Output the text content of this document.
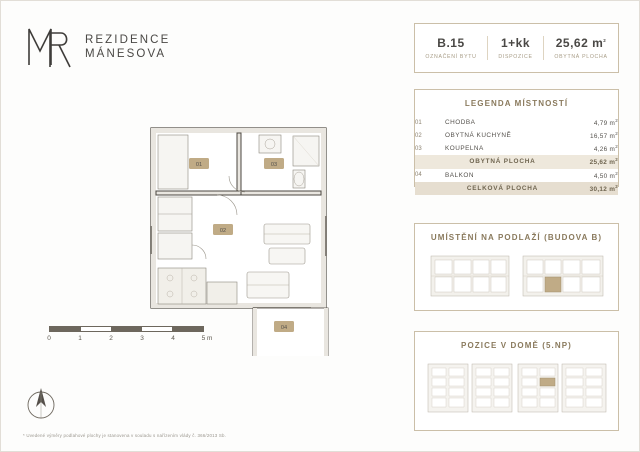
REZIDENCE
MÁNESOVA
B.15
OZNAČENÍ BYTU
1+kk
DISPOZICE
25,62 $m^2$
OBYTNÁ PLOCHA
LEGENDA MÍSTNOSTÍ
01	CHODBA	4,79 $m^2$
02	OBYTNÁ KUCHYNĚ	16,57 $m^2$
03	KOUPELNA	4,26 $m^2$
	OBYTNÁ PLOCHA	25,62 $m^2$
04	BALKON	4,50 $m^2$
	CELKOVÁ PLOCHA	30,12 $m^2$
UMÍSTĚNÍ NA PODLAŽÍ (BUDOVA B)
POZICE V DOMĚ (5.NP)
01
02
03
04
0	1	2	3	4	5 m
* Uvedené výměry podlahové plochy je stanovena v souladu s nařízením vlády č. 366/2013 Sb.
